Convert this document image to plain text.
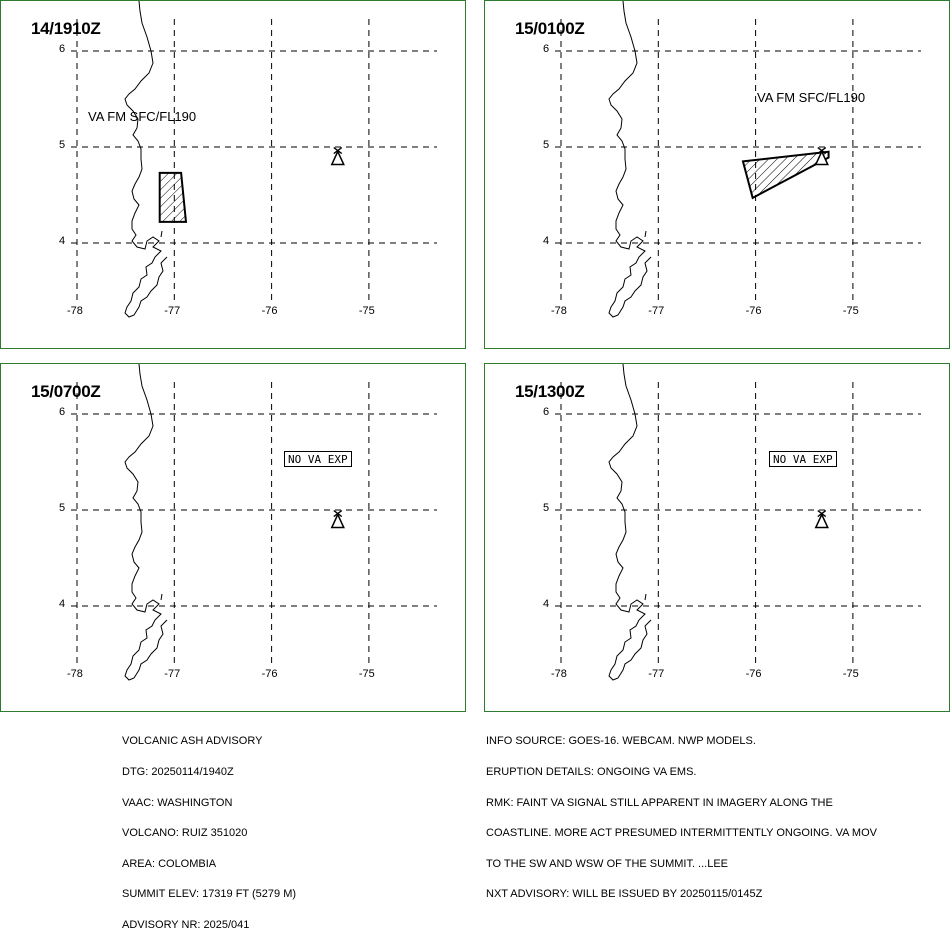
14/1910Z
VA FM SFC/FL190
-78	-77	-76	-75
6
5
4
15/0100Z
VA FM SFC/FL190
-78	-77	-76	-75
6
5
4
15/0700Z
NO VA EXP
-78	-77	-76	-75
6
5
4
15/1300Z
NO VA EXP
-78	-77	-76	-75
6
5
4

VOLCANIC ASH ADVISORY

DTG: 20250114/1940Z

VAAC: WASHINGTON

VOLCANO: RUIZ 351020

AREA: COLOMBIA

SUMMIT ELEV: 17319 FT (5279 M)

ADVISORY NR: 2025/041

INFO SOURCE: GOES-16. WEBCAM. NWP MODELS.

ERUPTION DETAILS: ONGOING VA EMS.

RMK: FAINT VA SIGNAL STILL APPARENT IN IMAGERY ALONG THE

COASTLINE. MORE ACT PRESUMED INTERMITTENTLY ONGOING. VA MOV

TO THE SW AND WSW OF THE SUMMIT. ...LEE

NXT ADVISORY: WILL BE ISSUED BY 20250115/0145Z
